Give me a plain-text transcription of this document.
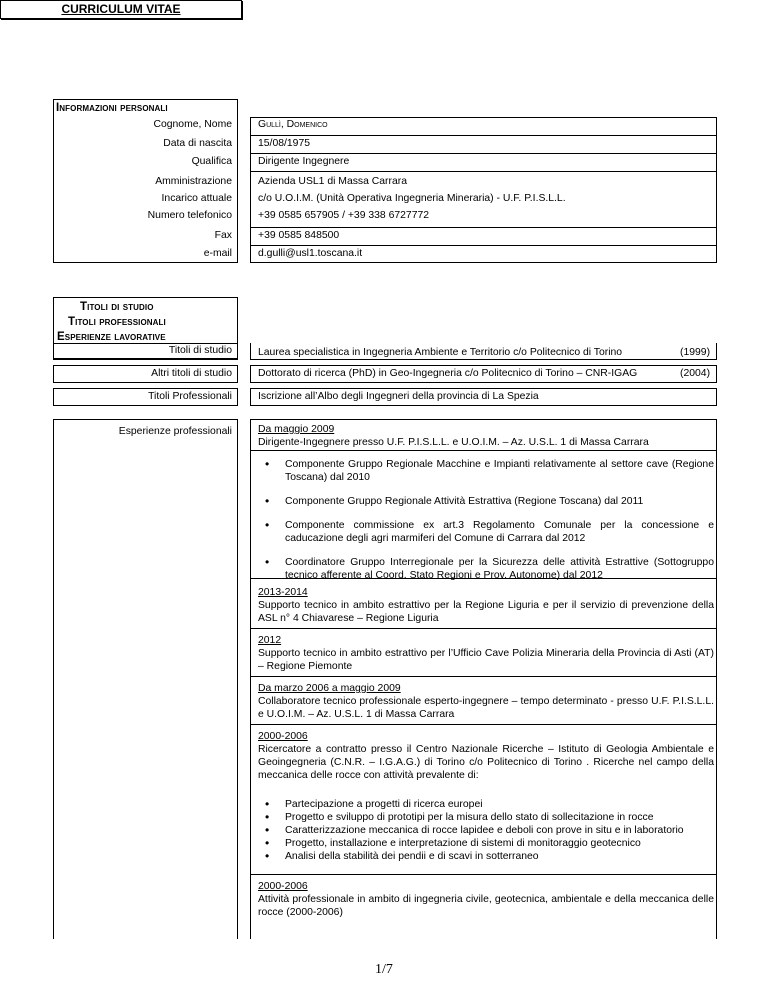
CURRICULUM VITAE
Informazioni personali
Cognome, Nome	Gullì, Domenico
Data di nascita	15/08/1975
Qualifica	Dirigente Ingegnere
Amministrazione	Azienda USL1 di Massa Carrara
Incarico attuale	c/o U.O.I.M. (Unità Operativa Ingegneria Mineraria) - U.F. P.I.S.L.L.
Numero telefonico	+39 0585 657905 / +39 338 6727772
Fax	+39 0585 848500
e-mail	d.gulli@usl1.toscana.it
Titoli di studio
Titoli professionali
Esperienze lavorative
Titoli di studio	Laurea specialistica in Ingegneria Ambiente e Territorio c/o Politecnico di Torino	(1999)
Altri titoli di studio	Dottorato di ricerca (PhD) in Geo-Ingegneria c/o Politecnico di Torino – CNR-IGAG	(2004)
Titoli Professionali	Iscrizione all’Albo degli Ingegneri della provincia di La Spezia
Esperienze professionali	Da maggio 2009
Dirigente-Ingegnere presso U.F. P.I.S.L.L. e U.O.I.M. – Az. U.S.L. 1 di Massa Carrara
• Componente Gruppo Regionale Macchine e Impianti relativamente al settore cave (Regione Toscana) dal 2010
• Componente Gruppo Regionale Attività Estrattiva (Regione Toscana) dal 2011
• Componente commissione ex art.3 Regolamento Comunale per la concessione e caducazione degli agri marmiferi del Comune di Carrara dal 2012
• Coordinatore Gruppo Interregionale per la Sicurezza delle attività Estrattive (Sottogruppo tecnico afferente al Coord. Stato Regioni e Prov. Autonome) dal 2012
2013-2014
Supporto tecnico in ambito estrattivo per la Regione Liguria e per il servizio di prevenzione della ASL n° 4 Chiavarese – Regione Liguria
2012
Supporto tecnico in ambito estrattivo per l’Ufficio Cave Polizia Mineraria della Provincia di Asti (AT) – Regione Piemonte
Da marzo 2006 a maggio 2009
Collaboratore tecnico professionale esperto-ingegnere – tempo determinato - presso U.F. P.I.S.L.L. e U.O.I.M. – Az. U.S.L. 1 di Massa Carrara
2000-2006
Ricercatore a contratto presso il Centro Nazionale Ricerche – Istituto di Geologia Ambientale e Geoingegneria (C.N.R. – I.G.A.G.) di Torino c/o Politecnico di Torino . Ricerche nel campo della meccanica delle rocce con attività prevalente di:
• Partecipazione a progetti di ricerca europei
• Progetto e sviluppo di prototipi per la misura dello stato di sollecitazione in rocce
• Caratterizzazione meccanica di rocce lapidee e deboli con prove in situ e in laboratorio
• Progetto, installazione e interpretazione di sistemi di monitoraggio geotecnico
• Analisi della stabilità dei pendii e di scavi in sotterraneo
2000-2006
Attività professionale in ambito di ingegneria civile, geotecnica, ambientale e della meccanica delle rocce (2000-2006)
1/7
